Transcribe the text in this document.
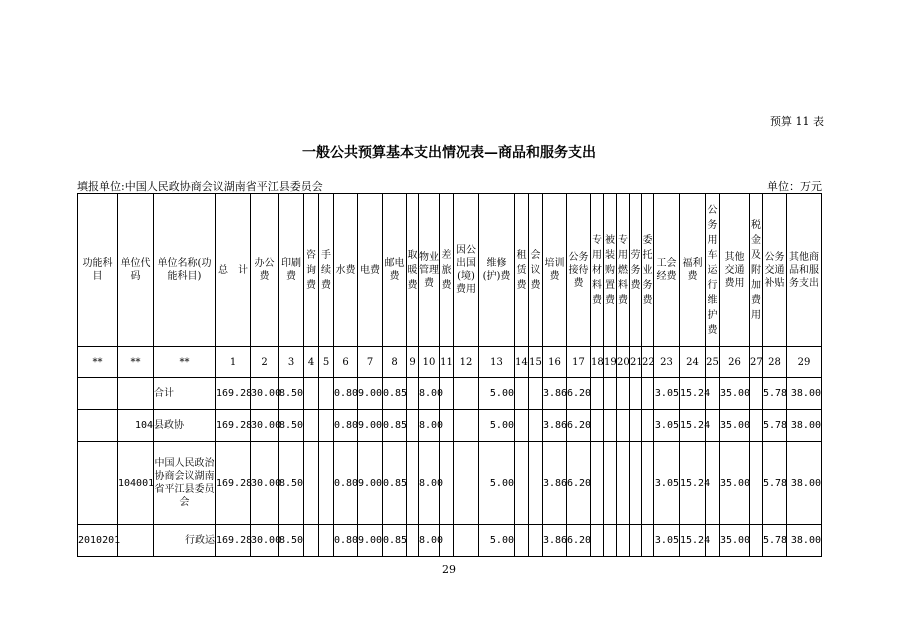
预算 11 表
一般公共预算基本支出情况表—商品和服务支出
填报单位:中国人民政协商会议湖南省平江县委员会	单位：万元
功能科目	单位代码	单位名称(功能科目)	总　计	办公费	印刷费	咨询费	手续费	水费	电费	邮电费	取暖费	物业管理费	差旅费	因公出国(境)费用	维修(护)费	租赁费	会议费	培训费	公务接待费	专用材料费	被装购置费	专用燃料费	劳务费	委托业务费	工会经费	福利费	公务用车运行维护费	其他交通费用	税金及附加费用	公务交通补贴	其他商品和服务支出
**	**	**	1	2	3	4	5	6	7	8	9	10	11	12	13	14	15	16	17	18	19	20	21	22	23	24	25	26	27	28	29
		合计	169.28	30.00	8.50			0.80	9.00	0.85		8.00			5.00			3.86	6.20						3.05	15.24		35.00		5.78	38.00
	104	县政协	169.28	30.00	8.50			0.80	9.00	0.85		8.00			5.00			3.86	6.20						3.05	15.24		35.00		5.78	38.00
	104001	中国人民政治协商会议湖南省平江县委员会	169.28	30.00	8.50			0.80	9.00	0.85		8.00			5.00			3.86	6.20						3.05	15.24		35.00		5.78	38.00
2010201		行政运	169.28	30.00	8.50			0.80	9.00	0.85		8.00			5.00			3.86	6.20						3.05	15.24		35.00		5.78	38.00
29
